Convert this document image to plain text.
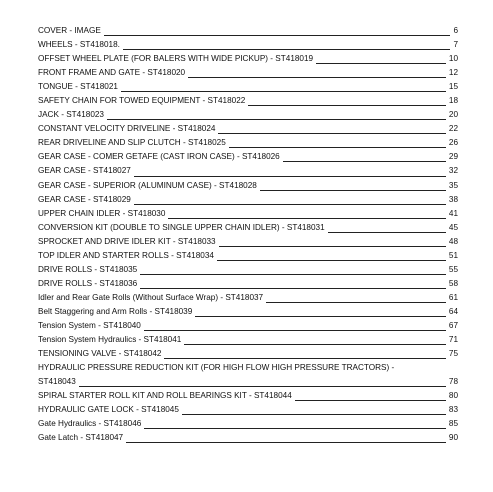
COVER - IMAGE	6
WHEELS - ST418018.	7
OFFSET WHEEL PLATE (FOR BALERS WITH WIDE PICKUP) - ST418019	10
FRONT FRAME AND GATE - ST418020	12
TONGUE - ST418021	15
SAFETY CHAIN FOR TOWED EQUIPMENT - ST418022	18
JACK - ST418023	20
CONSTANT VELOCITY DRIVELINE - ST418024	22
REAR DRIVELINE AND SLIP CLUTCH - ST418025	26
GEAR CASE - COMER GETAFE (CAST IRON CASE) - ST418026	29
GEAR CASE - ST418027	32
GEAR CASE - SUPERIOR (ALUMINUM CASE) - ST418028	35
GEAR CASE - ST418029	38
UPPER CHAIN IDLER - ST418030	41
CONVERSION KIT (DOUBLE TO SINGLE UPPER CHAIN IDLER) - ST418031	45
SPROCKET AND DRIVE IDLER KIT - ST418033	48
TOP IDLER AND STARTER ROLLS - ST418034	51
DRIVE ROLLS - ST418035	55
DRIVE ROLLS - ST418036	58
Idler and Rear Gate Rolls (Without Surface Wrap) - ST418037	61
Belt Staggering and Arm Rolls - ST418039	64
Tension System - ST418040	67
Tension System Hydraulics - ST418041	71
TENSIONING VALVE - ST418042	75
HYDRAULIC PRESSURE REDUCTION KIT (FOR HIGH FLOW HIGH PRESSURE TRACTORS) -
ST418043	78
SPIRAL STARTER ROLL KIT AND ROLL BEARINGS KIT - ST418044	80
HYDRAULIC GATE LOCK - ST418045	83
Gate Hydraulics - ST418046	85
Gate Latch - ST418047	90
